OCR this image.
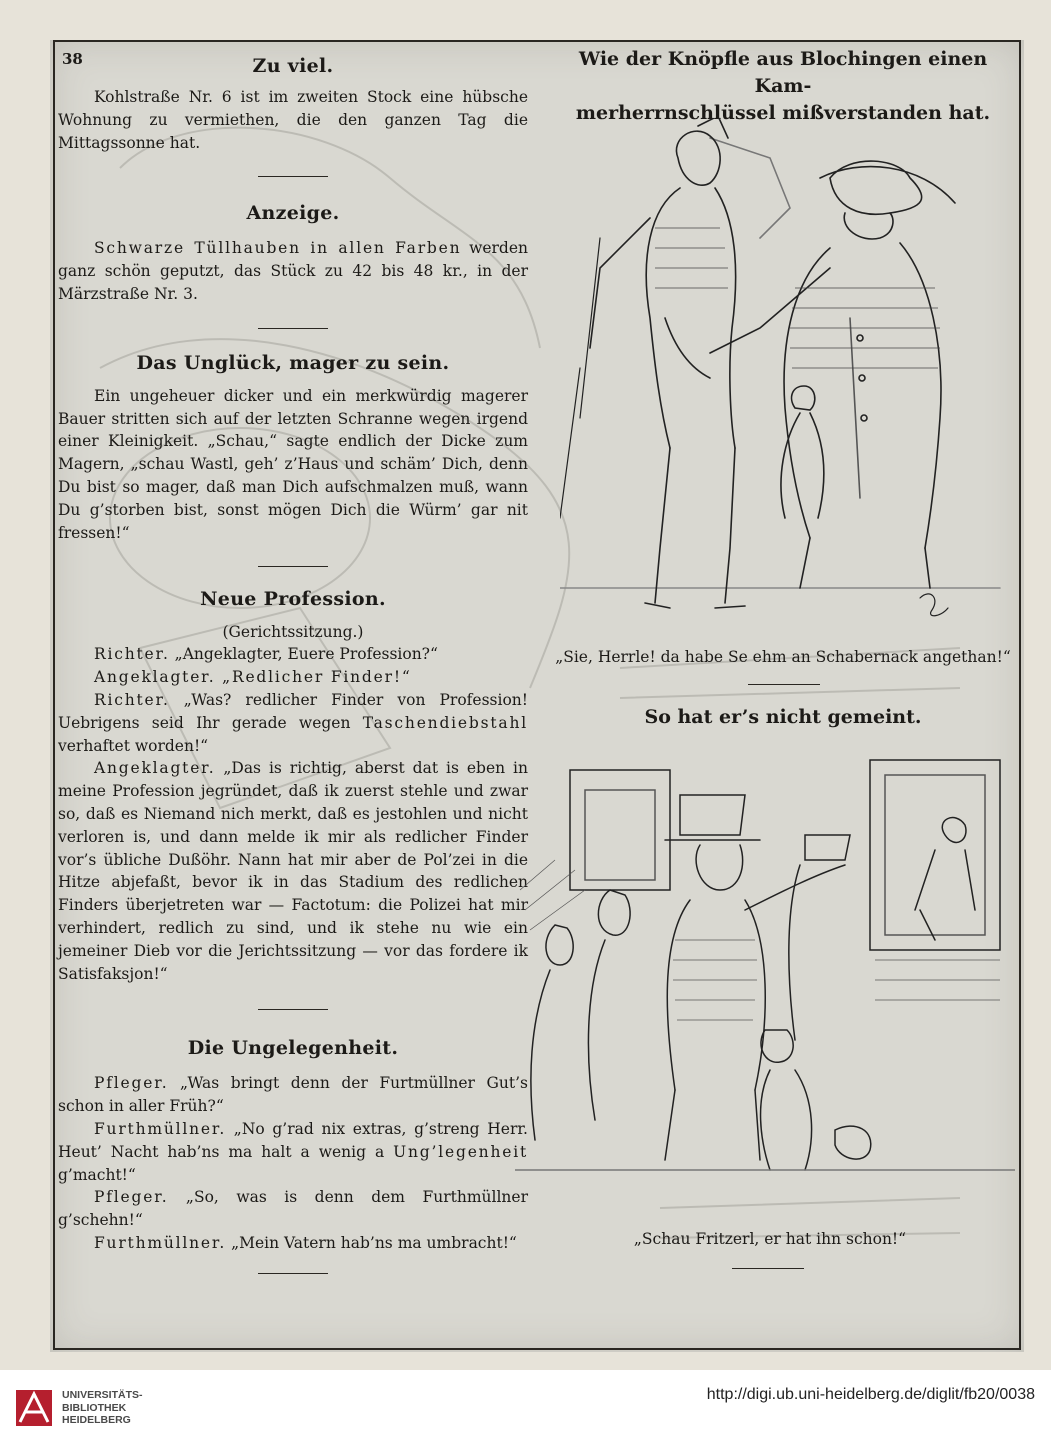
38	Zu viel.

Kohlstraße Nr. 6 ist im zweiten Stock eine hübsche Wohnung zu vermiethen, die den ganzen Tag die Mittagssonne hat.

Anzeige.

Schwarze Tüllhauben in allen Farben werden ganz schön geputzt, das Stück zu 42 bis 48 kr., in der Märzstraße Nr. 3.

Das Unglück, mager zu sein.

Ein ungeheuer dicker und ein merkwürdig magerer Bauer stritten sich auf der letzten Schranne wegen irgend einer Kleinigkeit. „Schau,“ sagte endlich der Dicke zum Magern, „schau Wastl, geh’ z’Haus und schäm’ Dich, denn Du bist so mager, daß man Dich aufschmalzen muß, wann Du g’storben bist, sonst mögen Dich die Würm’ gar nit fressen!“

Neue Profession.

(Gerichtssitzung.)

Richter. „Angeklagter, Euere Profession?“

Angeklagter. „Redlicher Finder!“

Richter. „Was? redlicher Finder von Profession! Uebrigens seid Ihr gerade wegen Taschendiebstahl verhaftet worden!“

Angeklagter. „Das is richtig, aberst dat is eben in meine Profession jegründet, daß ik zuerst stehle und zwar so, daß es Niemand nich merkt, daß es jestohlen und nicht verloren is, und dann melde ik mir als redlicher Finder vor’s übliche Dußöhr. Nann hat mir aber de Pol’zei in die Hitze abjefaßt, bevor ik in das Stadium des redlichen Finders überjetreten war — Factotum: die Polizei hat mir verhindert, redlich zu sind, und ik stehe nu wie ein jemeiner Dieb vor die Jerichtssitzung — vor das fordere ik Satisfaksjon!“

Die Ungelegenheit.

Pfleger. „Was bringt denn der Furtmüllner Gut’s schon in aller Früh?“

Furthmüllner. „No g’rad nix extras, g’streng Herr. Heut’ Nacht hab’ns ma halt a wenig a Ung’legenheit g’macht!“

Pfleger. „So, was is denn dem Furthmüllner g’schehn!“

Furthmüllner. „Mein Vatern hab’ns ma umbracht!“

Wie der Knöpfle aus Blochingen einen Kam-
merherrnschlüssel mißverstanden hat.
„Sie, Herrle! da habe Se ehm an Schabernack angethan!“
So hat er’s nicht gemeint.
„Schau Fritzerl, er hat ihn schon!“
UNIVERSITÄTS-
BIBLIOTHEK
HEIDELBERG
http://digi.ub.uni-heidelberg.de/diglit/fb20/0038
